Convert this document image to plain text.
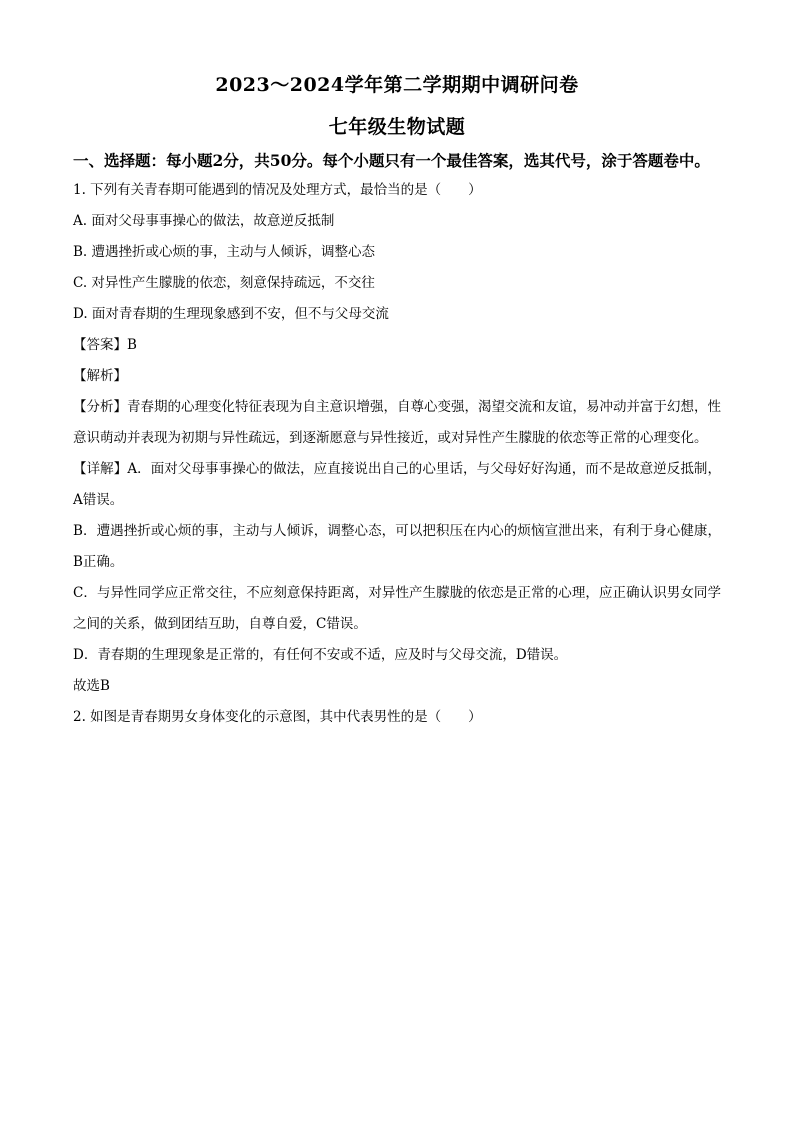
2023～2024学年第二学期期中调研问卷
七年级生物试题

一、选择题：每小题2分，共50分。每个小题只有一个最佳答案，选其代号，涂于答题卷中。

1. 下列有关青春期可能遇到的情况及处理方式，最恰当的是（　　）

A. 面对父母事事操心的做法，故意逆反抵制

B. 遭遇挫折或心烦的事，主动与人倾诉，调整心态

C. 对异性产生朦胧的依恋，刻意保持疏远，不交往

D. 面对青春期的生理现象感到不安，但不与父母交流

【答案】B

【解析】

【分析】青春期的心理变化特征表现为自主意识增强，自尊心变强，渴望交流和友谊，易冲动并富于幻想，性意识萌动并表现为初期与异性疏远，到逐渐愿意与异性接近，或对异性产生朦胧的依恋等正常的心理变化。

【详解】A．面对父母事事操心的做法，应直接说出自己的心里话，与父母好好沟通，而不是故意逆反抵制，A错误。

B．遭遇挫折或心烦的事，主动与人倾诉，调整心态，可以把积压在内心的烦恼宣泄出来，有利于身心健康，B正确。

C．与异性同学应正常交往，不应刻意保持距离，对异性产生朦胧的依恋是正常的心理，应正确认识男女同学之间的关系，做到团结互助，自尊自爱，C错误。

D．青春期的生理现象是正常的，有任何不安或不适，应及时与父母交流，D错误。

故选B

2. 如图是青春期男女身体变化的示意图，其中代表男性的是（　　）
